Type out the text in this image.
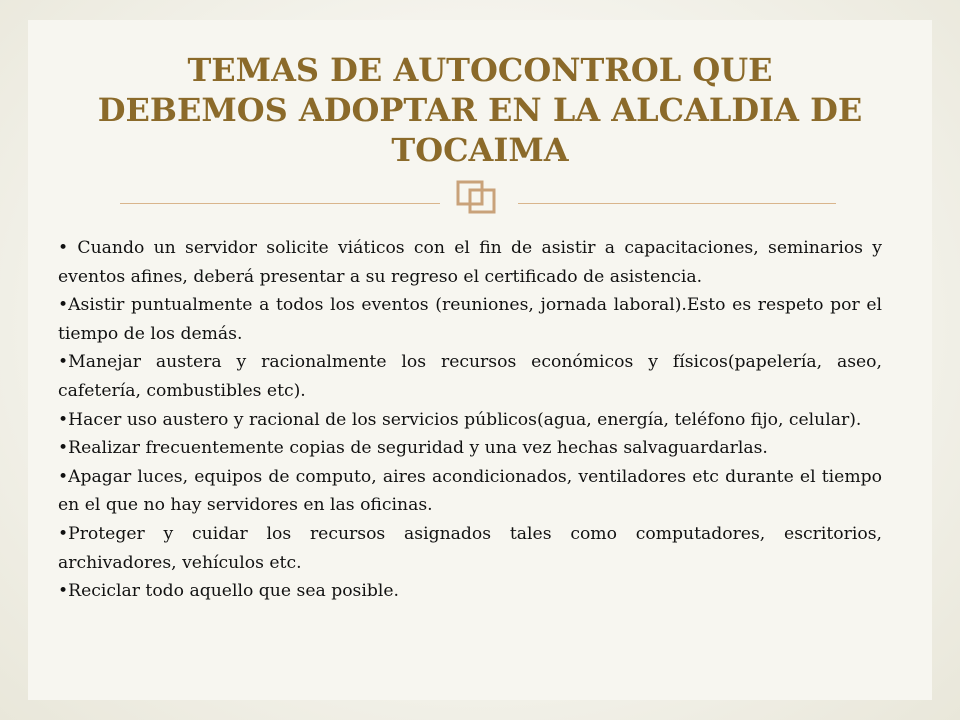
TEMAS DE AUTOCONTROL QUE DEBEMOS ADOPTAR EN LA ALCALDIA DE TOCAIMA

• Cuando un servidor solicite viáticos con el fin de asistir a capacitaciones, seminarios y eventos afines, deberá presentar a su regreso el certificado de asistencia.

•Asistir puntualmente a todos los eventos (reuniones, jornada laboral).Esto es respeto por el tiempo de los demás.

•Manejar austera y racionalmente los recursos económicos y físicos(papelería, aseo, cafetería, combustibles etc).

•Hacer uso austero y racional de los servicios públicos(agua, energía, teléfono fijo, celular).

•Realizar frecuentemente copias de seguridad y una vez hechas salvaguardarlas.

•Apagar luces, equipos de computo, aires acondicionados, ventiladores etc durante el tiempo en el que no hay servidores en las oficinas.

•Proteger y cuidar los recursos asignados tales como computadores, escritorios, archivadores, vehículos etc.

•Reciclar todo aquello que sea posible.
